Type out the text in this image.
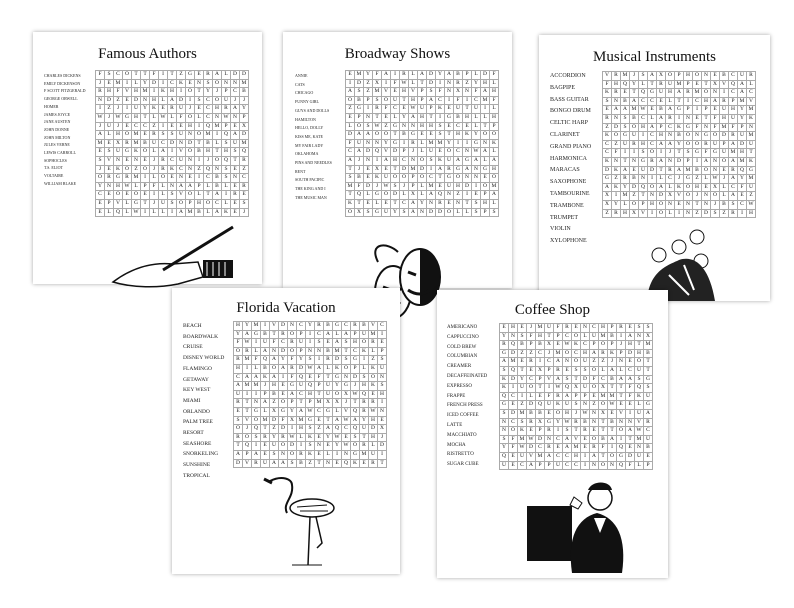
Famous Authors
CHARLES DICKENS
EMILY DICKENSON
F SCOTT FITZGERALD
GEORGE ORWELL
HOMER
JAMES JOYCE
JANE AUSTEN
JOHN DONNE
JOHN MILTON
JULES VERNE
LEWIS CARROLL
SOPHOCLES
T.S. ELIOT
VOLTAIRE
WILLIAM BLAKE
F	S	C	O	T	T	F	I	T	Z	G	E	R	A	L	D	D
J	E	M	I	L	Y	D	I	C	K	E	N	S	O	N	N	M
R	H	F	V	H	M	I	K	H	I	O	T	Y	J	P	C	B
N	D	Z	E	D	N	H	L	A	D	I	S	C	O	U	J	J
I	Z	J	I	U	Y	K	E	R	U	J	E	C	H	R	A	Y
W	J	W	G	H	T	L	W	L	F	O	L	C	N	W	N	P
J	U	J	E	C	C	Z	I	E	E	H	I	Q	M	P	E	X
A	L	H	O	M	E	R	S	S	U	N	O	M	I	Q	A	D
M	E	X	R	M	B	U	C	D	N	D	T	B	L	S	U	M
E	S	U	G	K	O	L	A	I	V	O	B	H	T	H	S	Q
S	V	N	E	N	E	J	R	C	U	N	I	J	O	Q	T	R
J	E	K	O	Z	O	J	R	K	C	N	Z	Q	N	S	E	Z
O	R	G	R	M	I	L	O	E	N	E	I	C	B	S	N	C
Y	N	H	W	L	P	F	L	N	A	A	P	L	B	L	E	R
C	E	O	E	O	E	I	L	S	V	O	L	T	A	I	R	E
E	P	V	L	G	T	J	U	S	O	P	H	O	C	L	E	S
E	L	Q	L	W	I	L	L	I	A	M	B	L	A	K	E	J
Broadway Shows
ANNIE
CATS
CHICAGO
FUNNY GIRL
GUYS AND DOLLS
HAMILTON
HELLO, DOLLY
KISS ME, KATE
MY FAIR LADY
OKLAHOMA
PINS AND NEEDLES
RENT
SOUTH PACIFIC
THE KING AND I
THE MUSIC MAN
E	M	Y	F	A	I	R	L	A	D	Y	A	B	P	L	D	F
I	D	Z	X	I	F	W	L	T	D	I	N	R	Z	Y	H	L
A	S	Z	M	V	E	H	V	P	S	F	N	X	N	F	A	H
O	B	P	S	O	U	T	H	P	A	C	I	F	I	C	M	F
Z	G	I	R	F	C	E	W	U	P	K	E	U	T	U	I	L
E	P	N	T	E	L	Y	A	H	T	I	G	B	H	L	L	H
L	O	S	W	Z	G	N	N	H	H	S	E	C	E	L	T	P
D	A	A	O	O	T	B	G	E	E	S	T	H	K	Y	O	O
F	U	N	N	Y	G	I	R	L	M	M	Y	I	I	G	N	K
C	A	D	Q	V	D	P	J	L	U	E	O	C	N	W	A	L
A	J	N	I	A	H	C	N	O	S	K	U	A	G	A	L	A
T	J	E	X	E	T	D	M	D	I	A	R	G	A	N	G	H
S	B	E	K	U	O	O	P	O	C	T	G	O	N	N	E	O
M	F	D	J	W	S	J	P	L	M	E	U	H	D	I	O	M
T	Q	L	G	O	D	L	X	L	A	Q	N	Z	I	E	P	A
K	T	E	L	E	T	C	A	Y	N	R	E	N	T	S	H	L
O	X	S	G	U	Y	S	A	N	D	D	O	L	L	S	P	S
Musical Instruments
ACCORDION
BAGPIPE
BASS GUITAR
BONGO DRUM
CELTIC HARP
CLARINET
GRAND PIANO
HARMONICA
MARACAS
SAXOPHONE
TAMBOURINE
TRAMBONE
TRUMPET
VIOLIN
XYLOPHONE
V	R	M	J	S	A	X	O	P	H	O	N	E	B	C	U	R
F	H	Q	Y	L	T	R	U	M	P	E	T	X	V	Q	A	L
K	R	E	T	Q	G	U	H	A	R	M	O	N	I	C	A	C
S	N	B	A	C	C	E	L	T	I	C	H	A	R	P	M	V
E	A	A	M	W	E	B	A	G	P	I	P	E	U	H	Y	M
R	N	S	B	C	L	A	R	I	N	E	T	F	H	U	Y	K
Z	D	S	O	H	A	P	C	K	G	F	N	F	M	F	P	N
K	O	G	U	I	C	H	N	B	O	N	G	O	D	R	U	M
C	Z	U	R	H	C	A	A	Y	O	O	R	U	P	A	D	U
C	F	I	I	S	O	I	J	T	S	G	F	G	U	M	H	T
K	N	T	N	G	R	A	N	D	P	I	A	N	O	A	M	K
D	K	A	E	U	D	T	R	A	M	B	O	N	E	R	Q	G
G	Z	R	B	N	I	L	C	J	G	Z	L	W	J	A	Y	M
A	K	Y	D	Q	O	A	L	K	O	H	E	X	L	C	F	U
X	I	M	Z	T	N	D	X	V	O	J	N	O	L	A	E	Z
X	Y	L	O	P	H	O	N	E	N	T	N	J	B	S	C	W
Z	R	H	X	V	I	O	L	I	N	Z	D	S	Z	R	I	H
Florida Vacation
BEACH
BOARDWALK
CRUISE
DISNEY WORLD
FLAMINGO
GETAWAY
KEY WEST
MIAMI
ORLANDO
PALM TREE
RESORT
SEASHORE
SNORKELING
SUNSHINE
TROPICAL
H	Y	M	I	V	D	N	C	Y	R	B	G	C	R	B	V	C
Y	A	G	B	T	R	O	P	I	C	A	L	A	P	U	M	I
F	W	I	U	F	C	R	U	I	S	E	A	S	H	O	R	E
O	R	L	A	N	D	O	P	N	N	B	M	T	C	K	L	P
R	M	F	Q	A	Y	F	Y	S	I	R	D	S	G	I	Z	S
H	I	L	B	O	A	R	D	W	A	L	K	O	P	L	K	U
C	A	A	K	A	I	F	Q	E	F	T	G	N	D	S	O	N
A	M	M	J	H	E	G	U	Q	P	U	Y	G	J	H	K	S
U	I	I	P	B	E	A	C	H	T	U	O	X	W	Q	E	H
R	T	N	A	Z	O	P	T	P	M	X	X	J	T	R	R	I
E	T	G	L	X	G	Y	A	W	C	G	L	V	Q	R	W	N
S	V	O	M	D	F	X	M	G	E	T	A	W	A	Y	H	E
O	J	Q	T	Z	D	I	H	S	Z	A	Q	C	Q	U	D	X
R	O	S	R	Y	R	W	L	K	E	Y	W	E	S	T	H	J
T	Q	I	E	U	O	D	I	S	N	E	Y	W	O	R	L	D
A	P	A	E	S	N	O	R	K	E	L	I	N	G	M	U	I
D	V	R	U	A	A	S	B	Z	T	N	E	Q	K	E	R	T
Coffee Shop
AMERICANO
CAPPUCCINO
COLD BREW
COLUMBIAN
CREAMER
DECAFFEINATED
EXPRESSO
FRAPPE
FRENCH PRESS
ICED COFFEE
LATTE
MACCHIATO
MOCHA
RISTRETTO
SUGAR CUBE
E	H	E	J	M	U	F	R	E	N	C	H	P	R	E	S	S
Y	N	S	F	H	T	P	C	O	L	U	M	B	I	A	N	X
R	Q	B	P	B	X	E	W	K	C	P	O	P	J	H	T	M
G	D	Z	Z	C	J	M	O	C	H	A	R	K	P	D	H	B
A	M	E	R	I	C	A	N	O	U	Z	Z	J	N	E	O	T
S	Q	T	E	X	P	R	E	S	S	O	L	A	L	C	U	T
K	D	Y	C	P	V	A	S	T	D	F	C	B	A	A	S	G
K	I	U	O	T	I	W	Q	X	U	O	X	T	T	F	Q	S
Q	C	I	L	E	F	R	A	P	P	E	M	M	T	F	K	U
G	E	Z	D	Q	U	K	U	S	N	Z	O	W	E	E	L	G
S	D	M	B	B	E	O	H	J	W	N	X	E	V	I	U	A
N	C	S	R	X	G	Y	W	R	B	N	T	B	N	N	V	R
N	O	K	E	P	R	I	S	T	R	E	T	T	O	A	W	C
S	F	M	W	D	N	C	A	V	E	O	B	A	I	T	M	U
Y	F	W	D	C	R	E	A	M	E	R	F	I	Q	E	N	B
Q	E	U	V	M	A	C	C	H	I	A	T	O	G	D	U	E
U	E	C	A	P	P	U	C	C	I	N	O	N	Q	F	L	P
